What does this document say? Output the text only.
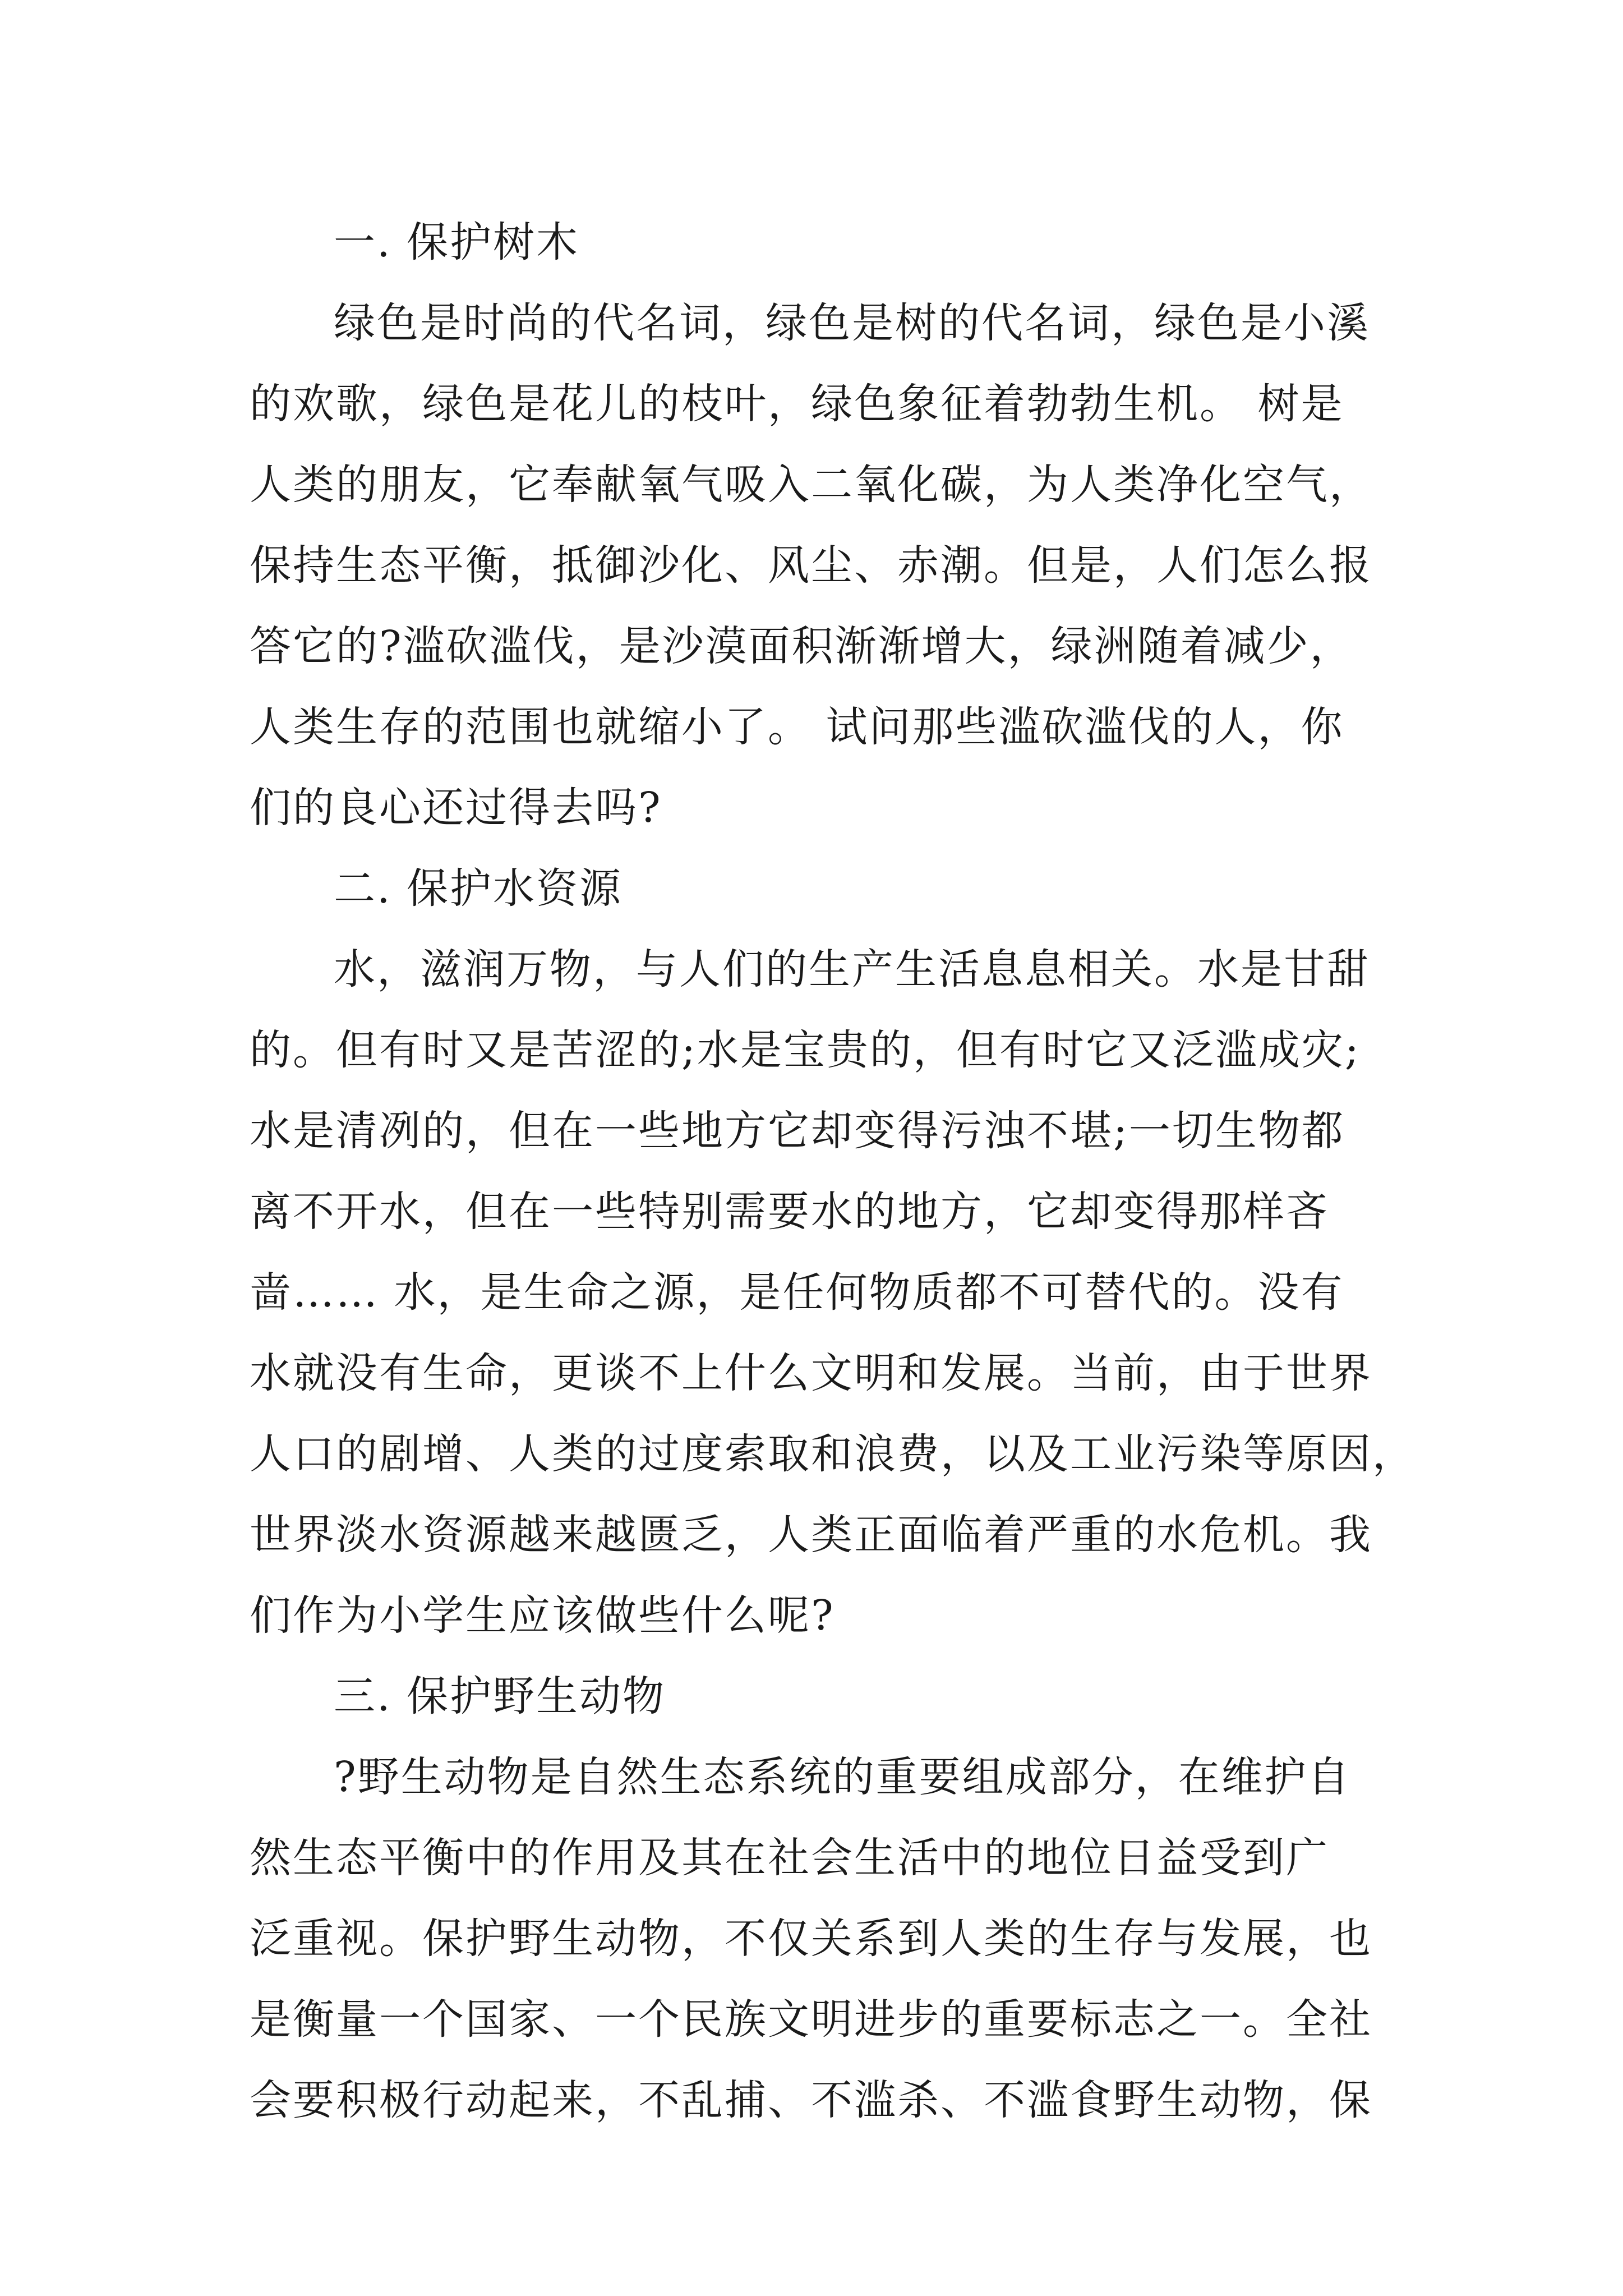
一. 保护树木
绿色是时尚的代名词，绿色是树的代名词，绿色是小溪
的欢歌，绿色是花儿的枝叶，绿色象征着勃勃生机。 树是
人类的朋友，它奉献氧气吸入二氧化碳，为人类净化空气，
保持生态平衡，抵御沙化、风尘、赤潮。但是，人们怎么报
答它的?滥砍滥伐，是沙漠面积渐渐增大，绿洲随着减少，
人类生存的范围也就缩小了。 试问那些滥砍滥伐的人，你
们的良心还过得去吗?
二. 保护水资源
水，滋润万物，与人们的生产生活息息相关。水是甘甜
的。但有时又是苦涩的;水是宝贵的，但有时它又泛滥成灾;
水是清冽的，但在一些地方它却变得污浊不堪;一切生物都
离不开水，但在一些特别需要水的地方，它却变得那样吝
啬…… 水，是生命之源，是任何物质都不可替代的。没有
水就没有生命，更谈不上什么文明和发展。当前，由于世界
人口的剧增、人类的过度索取和浪费，以及工业污染等原因，
世界淡水资源越来越匮乏，人类正面临着严重的水危机。我
们作为小学生应该做些什么呢?
三. 保护野生动物
?野生动物是自然生态系统的重要组成部分，在维护自
然生态平衡中的作用及其在社会生活中的地位日益受到广
泛重视。保护野生动物，不仅关系到人类的生存与发展，也
是衡量一个国家、一个民族文明进步的重要标志之一。全社
会要积极行动起来，不乱捕、不滥杀、不滥食野生动物，保
